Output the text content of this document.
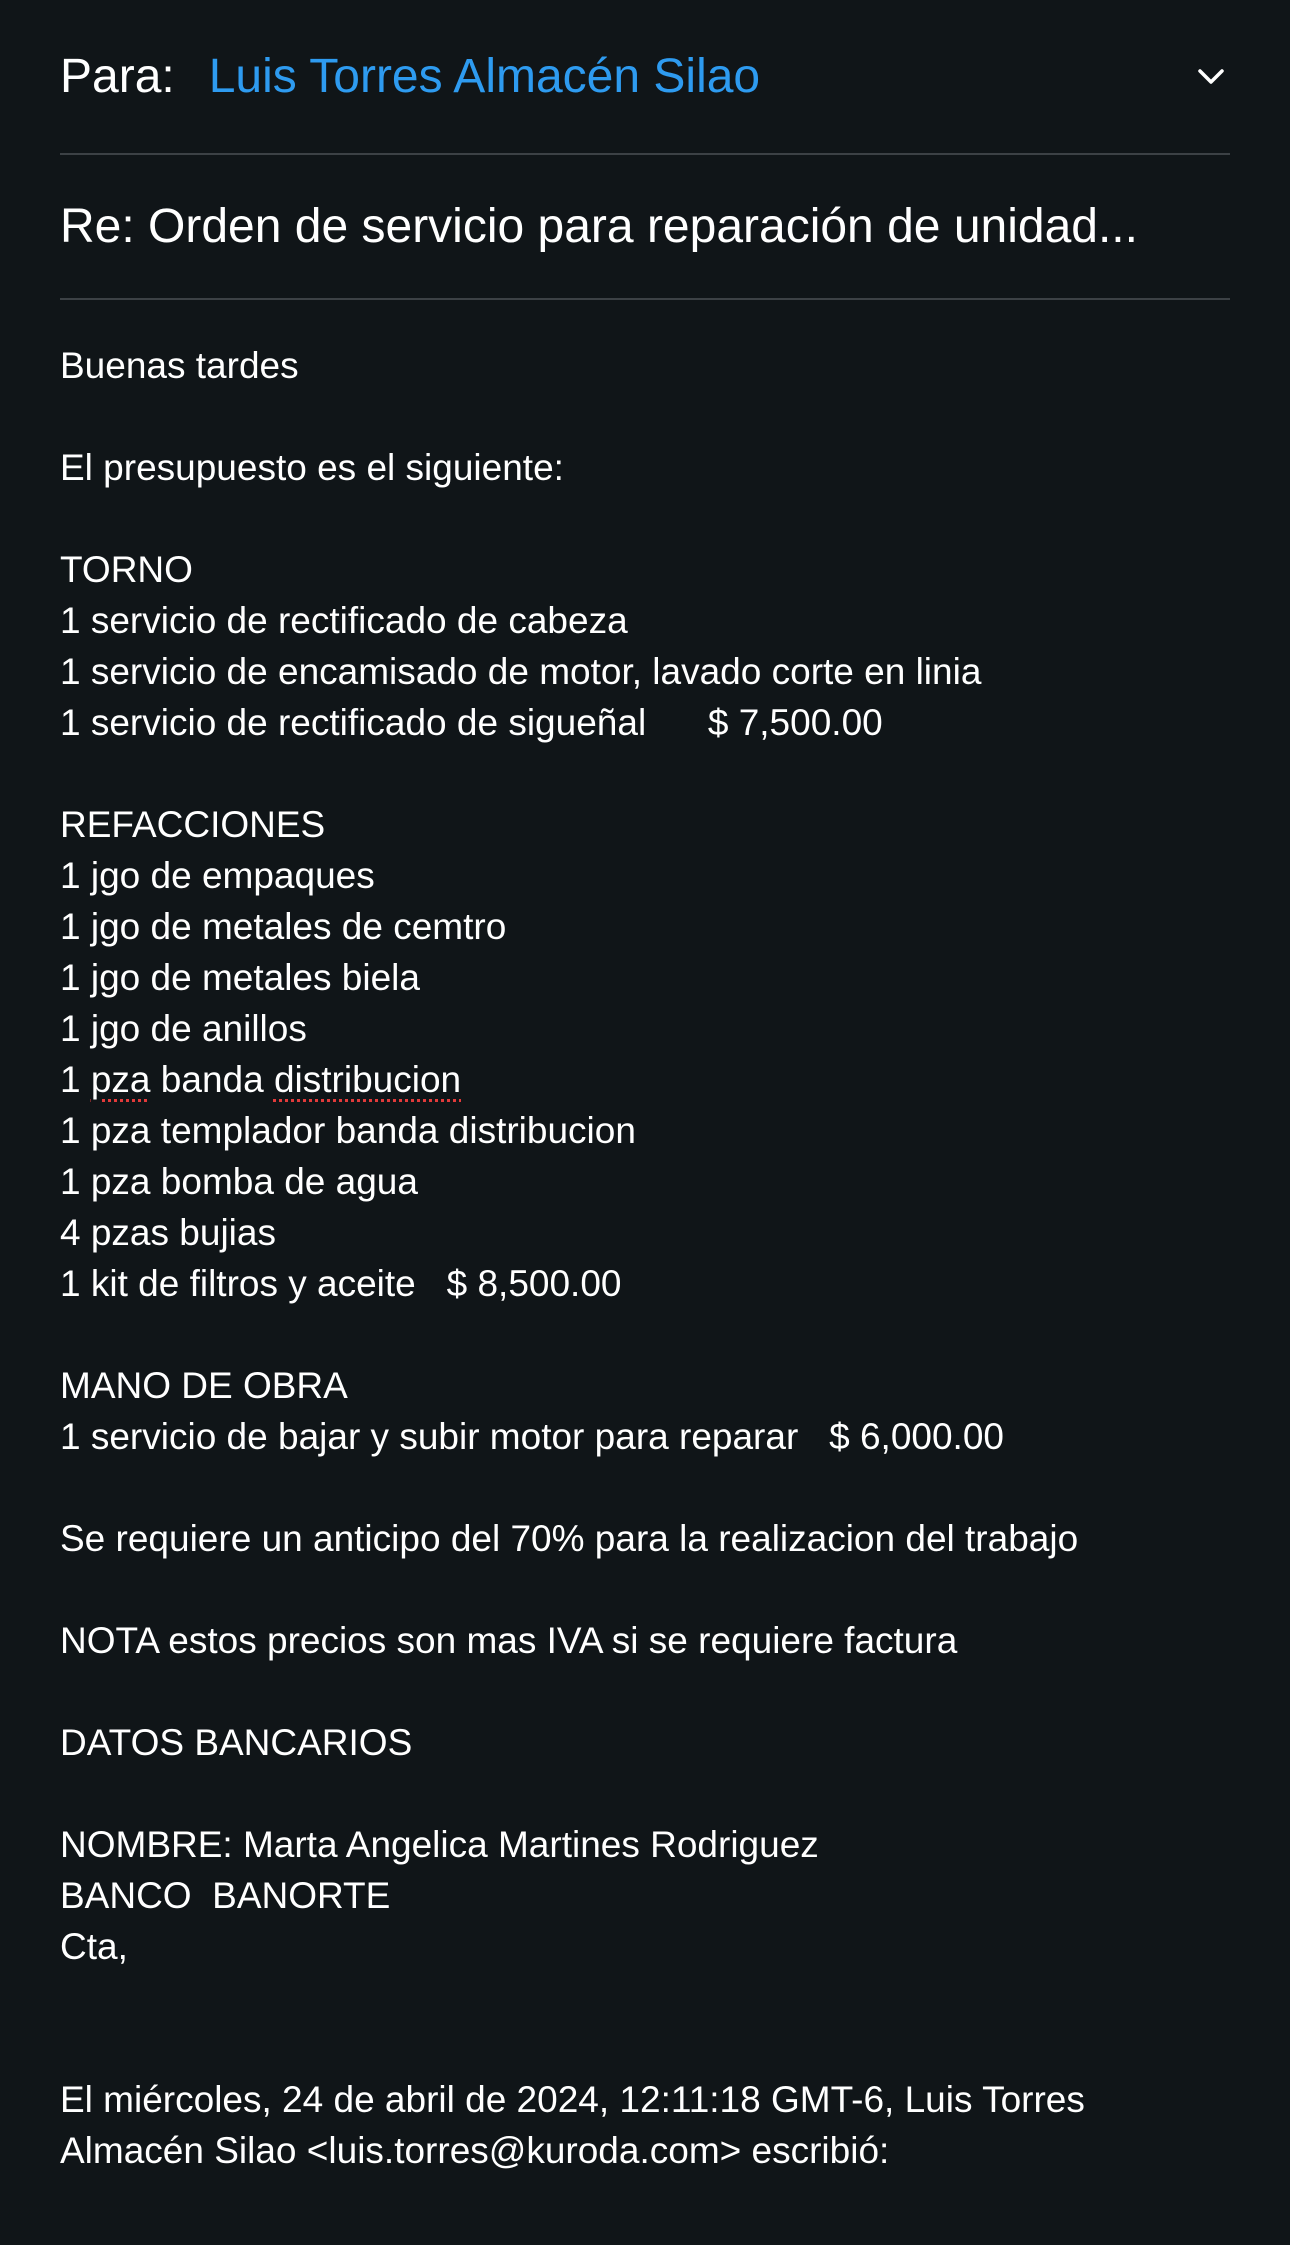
Para: Luis Torres Almacén Silao
Re: Orden de servicio para reparación de unidad...
Buenas tardes
El presupuesto es el siguiente:
TORNO
1 servicio de rectificado de cabeza
1 servicio de encamisado de motor, lavado corte en linia
1 servicio de rectificado de sigueñal      $ 7,500.00
REFACCIONES
1 jgo de empaques
1 jgo de metales de cemtro
1 jgo de metales biela
1 jgo de anillos
1 pza banda distribucion
1 pza templador banda distribucion
1 pza bomba de agua
4 pzas bujias
1 kit de filtros y aceite   $ 8,500.00
MANO DE OBRA
1 servicio de bajar y subir motor para reparar   $ 6,000.00
Se requiere un anticipo del 70% para la realizacion del trabajo
NOTA estos precios son mas IVA si se requiere factura
DATOS BANCARIOS
NOMBRE: Marta Angelica Martines Rodriguez
BANCO  BANORTE
Cta,
El miércoles, 24 de abril de 2024, 12:11:18 GMT-6, Luis Torres
Almacén Silao <luis.torres@kuroda.com> escribió:
